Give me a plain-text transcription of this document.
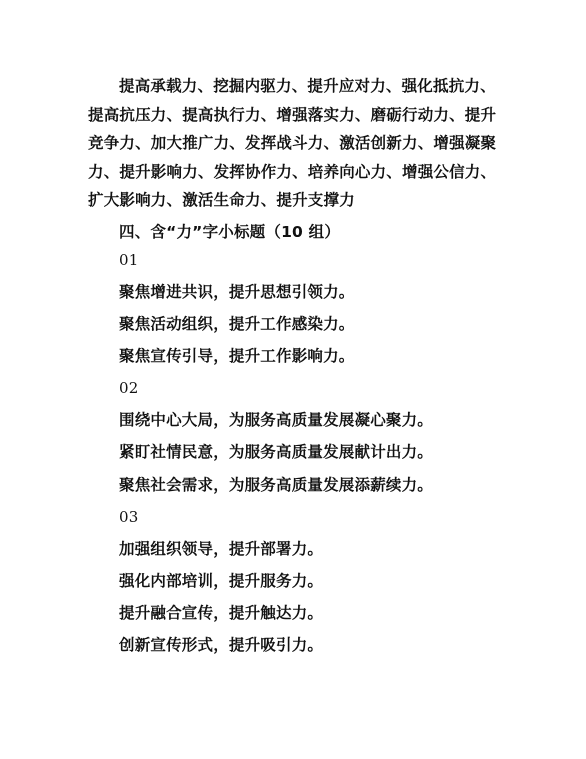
提高承载力、挖掘内驱力、提升应对力、强化抵抗力、提高抗压力、提高执行力、增强落实力、磨砺行动力、提升竞争力、加大推广力、发挥战斗力、激活创新力、增强凝聚力、提升影响力、发挥协作力、培养向心力、增强公信力、扩大影响力、激活生命力、提升支撑力

四、含“力”字小标题（10 组）

01

聚焦增进共识，提升思想引领力。

聚焦活动组织，提升工作感染力。

聚焦宣传引导，提升工作影响力。

02

围绕中心大局，为服务高质量发展凝心聚力。

紧盯社情民意，为服务高质量发展献计出力。

聚焦社会需求，为服务高质量发展添薪续力。

03

加强组织领导，提升部署力。

强化内部培训，提升服务力。

提升融合宣传，提升触达力。

创新宣传形式，提升吸引力。
